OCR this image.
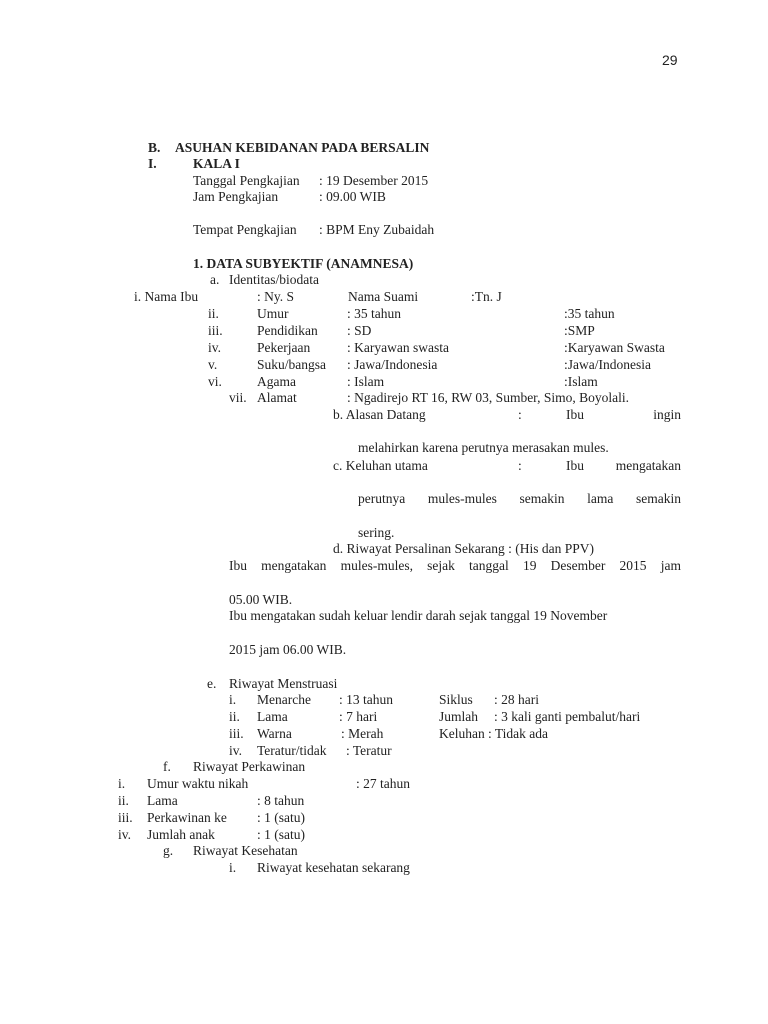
29
B. ASUHAN KEBIDANAN PADA BERSALIN
I.	KALA I
Tanggal Pengkajian : 19 Desember 2015
Jam Pengkajian	: 09.00 WIB
Tempat Pengkajian : BPM Eny Zubaidah
1. DATA SUBYEKTIF (ANAMNESA)
a. Identitas/biodata
i. Nama Ibu	: Ny. S	Nama Suami	:Tn. J
ii.	Umur	: 35 tahun	:35 tahun
iii.	Pendidikan : SD	:SMP
iv.	Pekerjaan	: Karyawan swasta	:Karyawan Swasta
v.	Suku/bangsa : Jawa/Indonesia	:Jawa/Indonesia
vi.	Agama	: Islam	:Islam
vii. Alamat	: Ngadirejo RT 16, RW 03, Sumber, Simo, Boyolali.
b. Alasan Datang	:	Ibu	ingin
melahirkan karena perutnya merasakan mules.
c. Keluhan utama	:	Ibu mengatakan
perutnya mules-mules semakin lama semakin
sering.
d. Riwayat Persalinan Sekarang : (His dan PPV)
Ibu mengatakan mules-mules, sejak tanggal 19 Desember 2015 jam
05.00 WIB.
Ibu mengatakan sudah keluar lendir darah sejak tanggal 19 November
2015 jam 06.00 WIB.
e. Riwayat Menstruasi
i. Menarche : 13 tahun	Siklus : 28 hari
ii. Lama	: 7 hari	Jumlah : 3 kali ganti pembalut/hari
iii. Warna	: Merah	Keluhan : Tidak ada
iv. Teratur/tidak : Teratur
f. Riwayat Perkawinan
i. Umur waktu nikah	: 27 tahun
ii. Lama	: 8 tahun
iii. Perkawinan ke : 1 (satu)
iv. Jumlah anak	: 1 (satu)
g. Riwayat Kesehatan
i. Riwayat kesehatan sekarang
